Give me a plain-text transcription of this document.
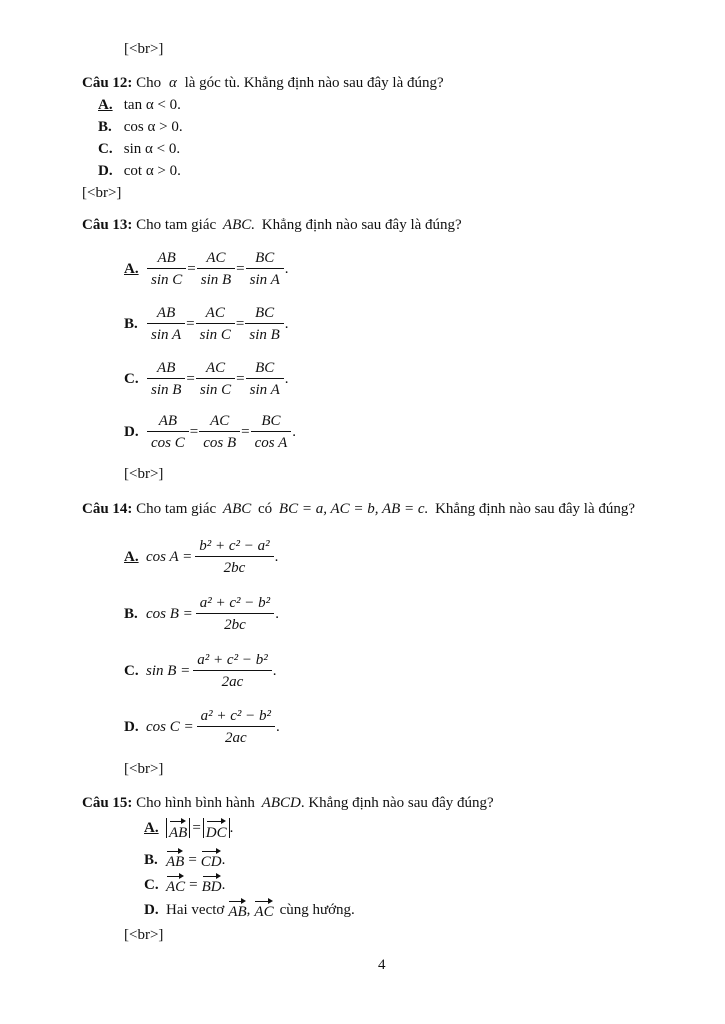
[<br>]
Câu 12: Cho α là góc tù. Khẳng định nào sau đây là đúng?
A. tan α < 0.
B. cos α > 0.
C. sin α < 0.
D. cot α > 0.
[<br>]
Câu 13: Cho tam giác ABC. Khẳng định nào sau đây là đúng?
A. $\frac{AB}{\text{sin C}} = \frac{AC}{\text{sin B}} = \frac{BC}{\text{sin A}}$ .
B. $\frac{AB}{\text{sin A}} = \frac{AC}{\text{sin C}} = \frac{BC}{\text{sin B}}$ .
C. $\frac{AB}{\text{sin B}} = \frac{AC}{\text{sin C}} = \frac{BC}{\text{sin A}}$ .
D. $\frac{AB}{\text{cos C}} = \frac{AC}{\text{cos B}} = \frac{BC}{\text{cos A}}$ .
[<br>]
Câu 14: Cho tam giác ABC có BC = a, AC = b, AB = c. Khẳng định nào sau đây là đúng?
A. $\cos A = \frac{\text{b² + c² − a²}}{2bc}$ .
B. $\cos B = \frac{\text{a² + c² − b²}}{2bc}$ .
C. $\sin B = \frac{\text{a² + c² − b²}}{2ac}$ .
D. $\cos C = \frac{\text{a² + c² − b²}}{2ac}$ .
[<br>]
Câu 15: Cho hình bình hành ABCD. Khẳng định nào sau đây đúng?
A. AB = DC .
B. AB = CD .
C. AC = BD .
D. Hai vectơ AB , AC cùng hướng.
[<br>]
4
